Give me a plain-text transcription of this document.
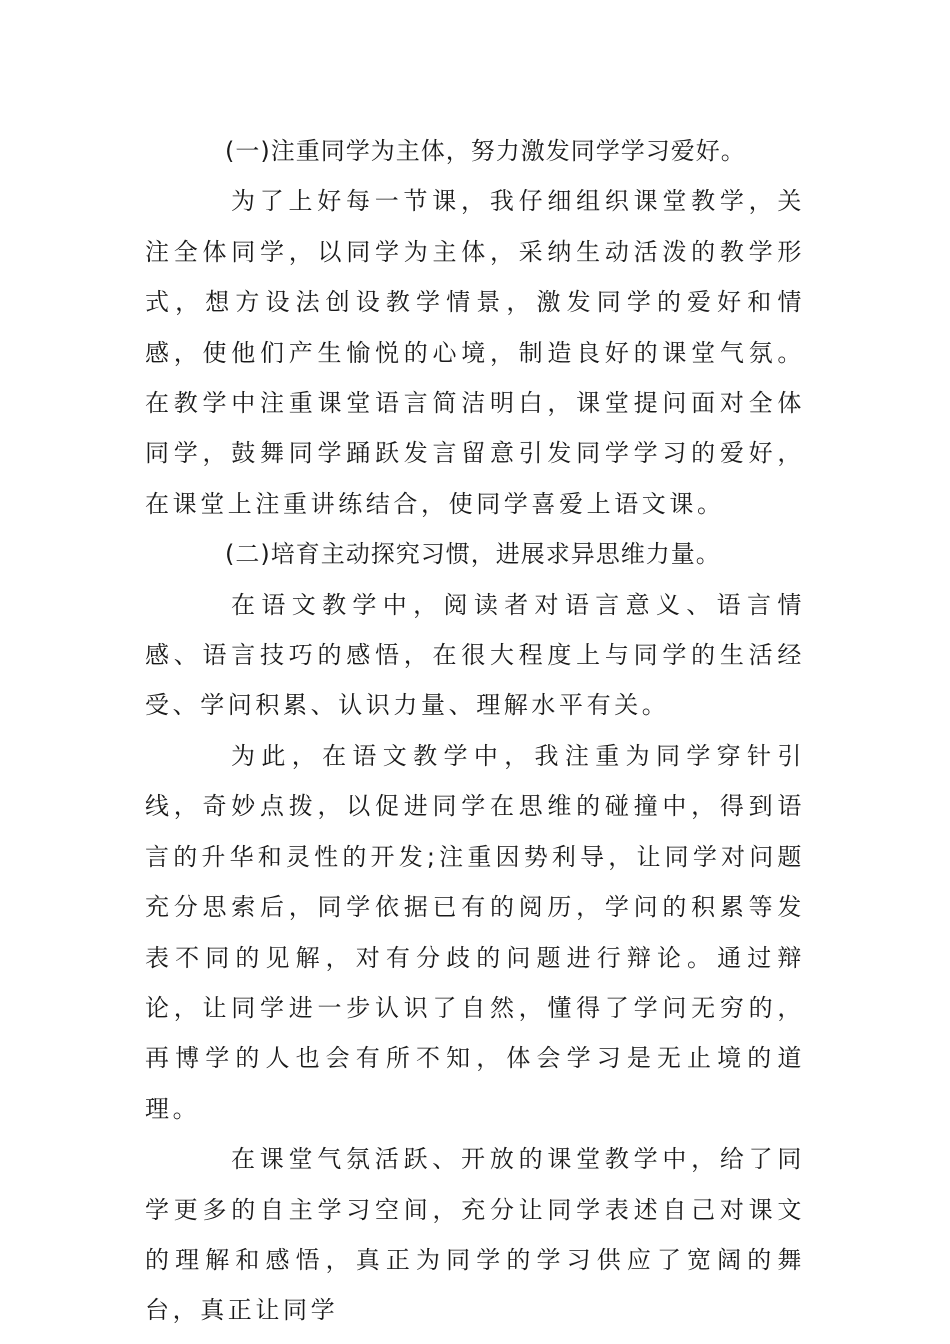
(一)注重同学为主体，努力激发同学学习爱好。

为了上好每一节课，我仔细组织课堂教学，关注全体同学，以同学为主体，采纳生动活泼的教学形式，想方设法创设教学情景，激发同学的爱好和情感，使他们产生愉悦的心境，制造良好的课堂气氛。在教学中注重课堂语言简洁明白，课堂提问面对全体同学，鼓舞同学踊跃发言留意引发同学学习的爱好，在课堂上注重讲练结合，使同学喜爱上语文课。

(二)培育主动探究习惯，进展求异思维力量。

在语文教学中，阅读者对语言意义、语言情感、语言技巧的感悟，在很大程度上与同学的生活经受、学问积累、认识力量、理解水平有关。

为此，在语文教学中，我注重为同学穿针引线，奇妙点拨，以促进同学在思维的碰撞中，得到语言的升华和灵性的开发;注重因势利导，让同学对问题充分思索后，同学依据已有的阅历，学问的积累等发表不同的见解，对有分歧的问题进行辩论。通过辩论，让同学进一步认识了自然，懂得了学问无穷的，再博学的人也会有所不知，体会学习是无止境的道理。

在课堂气氛活跃、开放的课堂教学中，给了同学更多的自主学习空间，充分让同学表述自己对课文的理解和感悟，真正为同学的学习供应了宽阔的舞台，真正让同学
